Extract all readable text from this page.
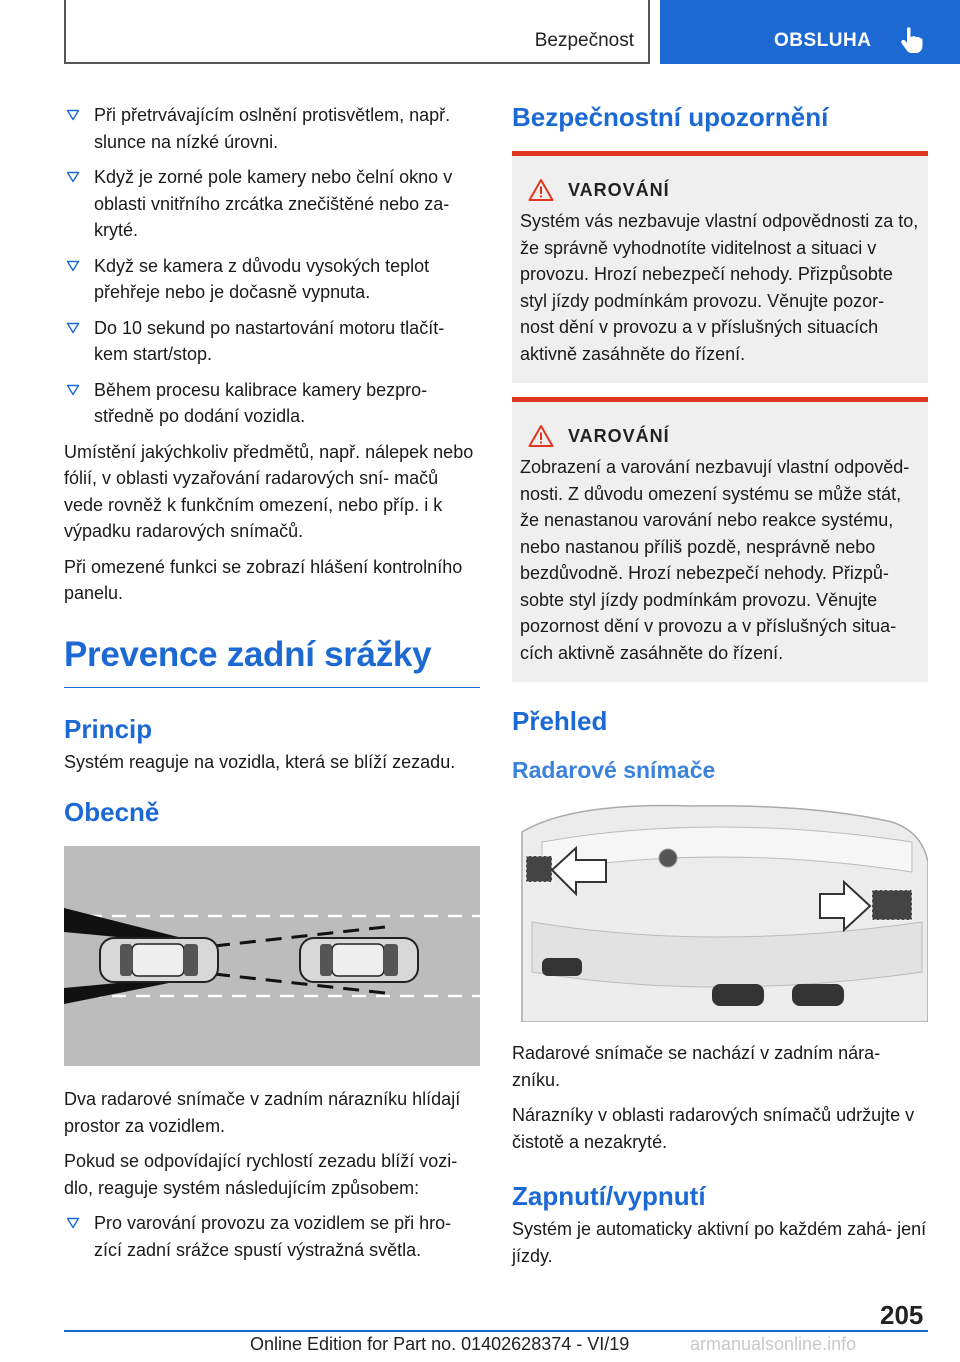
Bezpečnost	OBSLUHA
Při přetrvávajícím oslnění protisvětlem, např. slunce na nízké úrovni.
Když je zorné pole kamery nebo čelní okno v oblasti vnitřního zrcátka znečištěné nebo za‐ kryté.
Když se kamera z důvodu vysokých teplot přehřeje nebo je dočasně vypnuta.
Do 10 sekund po nastartování motoru tlačít‐ kem start/stop.
Během procesu kalibrace kamery bezpro‐ středně po dodání vozidla.

Umístění jakýchkoliv předmětů, např. nálepek nebo fólií, v oblasti vyzařování radarových sní‐ mačů vede rovněž k funkčním omezení, nebo příp. i k výpadku radarových snímačů.

Při omezené funkci se zobrazí hlášení kontrolního panelu.

Prevence zadní srážky
Princip

Systém reaguje na vozidla, která se blíží zezadu.

Obecně

Dva radarové snímače v zadním nárazníku hlídají prostor za vozidlem.

Pokud se odpovídající rychlostí zezadu blíží vozi‐ dlo, reaguje systém následujícím způsobem:

Pro varování provozu za vozidlem se při hro‐ zící zadní srážce spustí výstražná světla.
Bezpečnostní upozornění
VAROVÁNÍ

Systém vás nezbavuje vlastní odpovědnosti za to, že správně vyhodnotíte viditelnost a situaci v provozu. Hrozí nebezpečí nehody. Přizpůsobte styl jízdy podmínkám provozu. Věnujte pozor‐ nost dění v provozu a v příslušných situacích aktivně zasáhněte do řízení.

VAROVÁNÍ

Zobrazení a varování nezbavují vlastní odpověd‐ nosti. Z důvodu omezení systému se může stát, že nenastanou varování nebo reakce systému, nebo nastanou příliš pozdě, nesprávně nebo bezdůvodně. Hrozí nebezpečí nehody. Přizpů‐ sobte styl jízdy podmínkám provozu. Věnujte pozornost dění v provozu a v příslušných situa‐ cích aktivně zasáhněte do řízení.

Přehled
Radarové snímače

Radarové snímače se nachází v zadním nára‐ zníku.

Nárazníky v oblasti radarových snímačů udržujte v čistotě a nezakryté.

Zapnutí/vypnutí

Systém je automaticky aktivní po každém zahá‐ jení jízdy.

205
Online Edition for Part no. 01402628374 - VI/19	armanualsonline.info
